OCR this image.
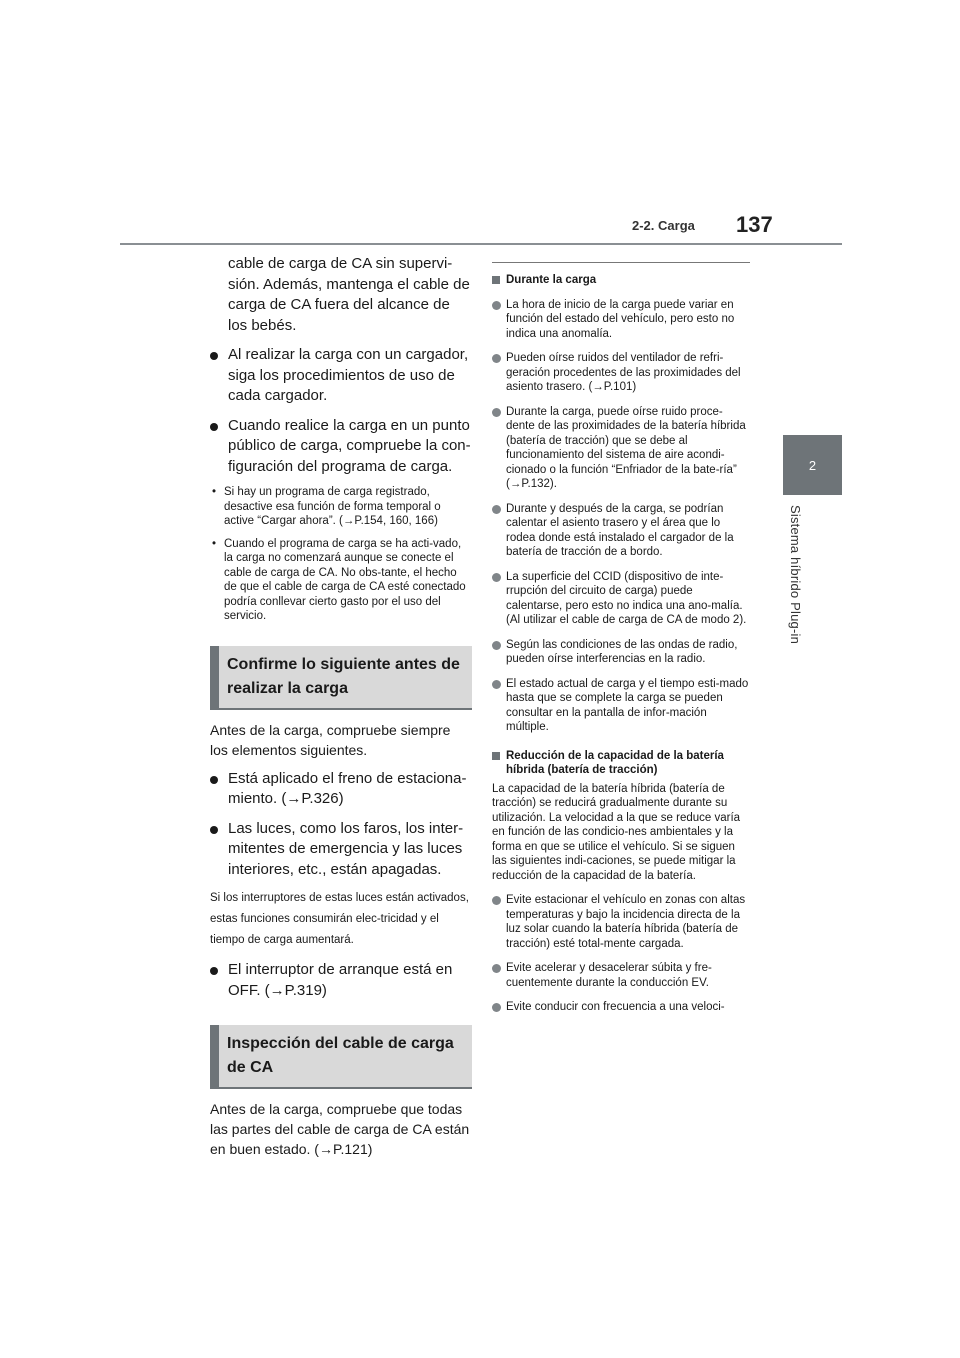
2-2. Carga 137
2
Sistema híbrido Plug-in
cable de carga de CA sin supervi-sión. Además, mantenga el cable de carga de CA fuera del alcance de los bebés.
Al realizar la carga con un cargador, siga los procedimientos de uso de cada cargador.
Cuando realice la carga en un punto público de carga, compruebe la con-figuración del programa de carga.
• Si hay un programa de carga registrado, desactive esa función de forma temporal o active “Cargar ahora”. (→P.154, 160, 166)
• Cuando el programa de carga se ha acti-vado, la carga no comenzará aunque se conecte el cable de carga de CA. No obs-tante, el hecho de que el cable de carga de CA esté conectado podría conllevar cierto gasto por el uso del servicio.
Confirme lo siguiente antes de realizar la carga
Antes de la carga, compruebe siempre los elementos siguientes.
Está aplicado el freno de estaciona-miento. (→P.326)
Las luces, como los faros, los inter-mitentes de emergencia y las luces interiores, etc., están apagadas.
Si los interruptores de estas luces están activados, estas funciones consumirán elec-tricidad y el tiempo de carga aumentará.
El interruptor de arranque está en OFF. (→P.319)
Inspección del cable de carga de CA
Antes de la carga, compruebe que todas las partes del cable de carga de CA están en buen estado. (→P.121)
Durante la carga
La hora de inicio de la carga puede variar en función del estado del vehículo, pero esto no indica una anomalía.
Pueden oírse ruidos del ventilador de refri-geración procedentes de las proximidades del asiento trasero. (→P.101)
Durante la carga, puede oírse ruido proce-dente de las proximidades de la batería híbrida (batería de tracción) que se debe al funcionamiento del sistema de aire acondi-cionado o la función “Enfriador de la bate-ría” (→P.132).
Durante y después de la carga, se podrían calentar el asiento trasero y el área que lo rodea donde está instalado el cargador de la batería de tracción de a bordo.
La superficie del CCID (dispositivo de inte-rrupción del circuito de carga) puede calentarse, pero esto no indica una ano-malía. (Al utilizar el cable de carga de CA de modo 2).
Según las condiciones de las ondas de radio, pueden oírse interferencias en la radio.
El estado actual de carga y el tiempo esti-mado hasta que se complete la carga se pueden consultar en la pantalla de infor-mación múltiple.
Reducción de la capacidad de la batería híbrida (batería de tracción)
La capacidad de la batería híbrida (batería de tracción) se reducirá gradualmente durante su utilización. La velocidad a la que se reduce varía en función de las condicio-nes ambientales y la forma en que se utilice el vehículo. Si se siguen las siguientes indi-caciones, se puede mitigar la reducción de la capacidad de la batería.
Evite estacionar el vehículo en zonas con altas temperaturas y bajo la incidencia directa de la luz solar cuando la batería híbrida (batería de tracción) esté total-mente cargada.
Evite acelerar y desacelerar súbita y fre-cuentemente durante la conducción EV.
Evite conducir con frecuencia a una veloci-
